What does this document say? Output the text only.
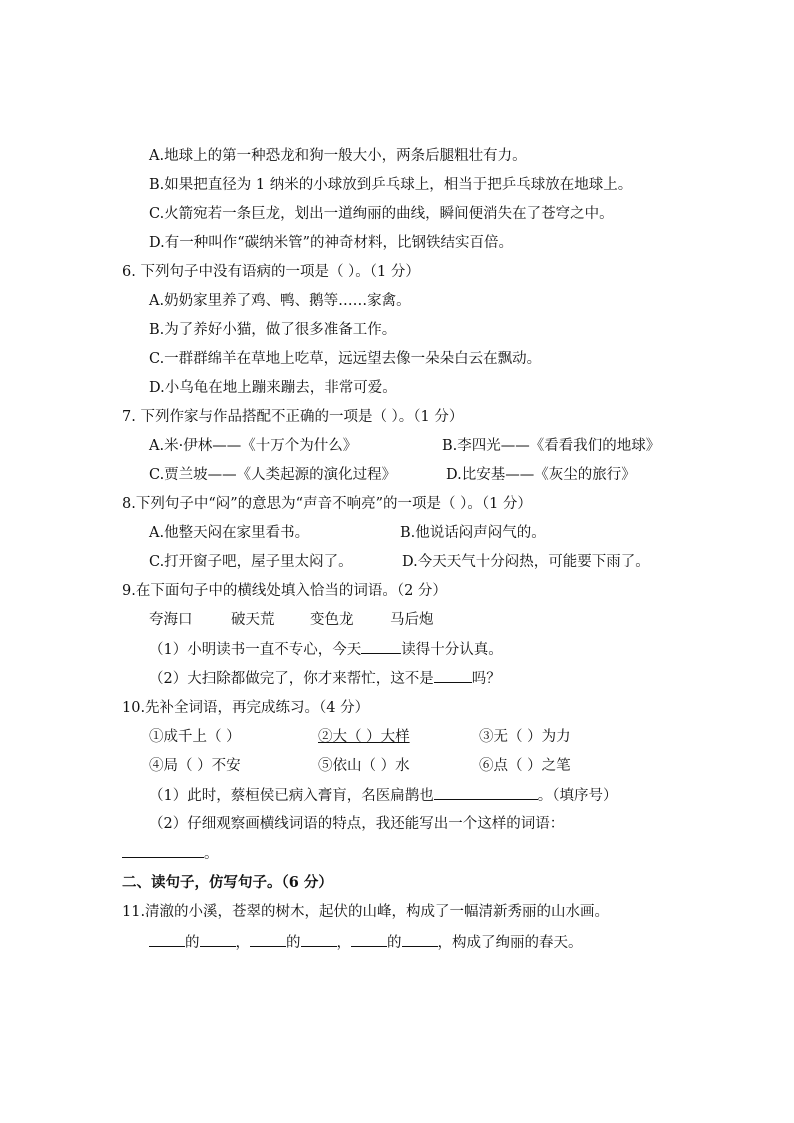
A.地球上的第一种恐龙和狗一般大小，两条后腿粗壮有力。
B.如果把直径为 1 纳米的小球放到乒乓球上，相当于把乒乓球放在地球上。
C.火箭宛若一条巨龙，划出一道绚丽的曲线，瞬间便消失在了苍穹之中。
D.有一种叫作“碳纳米管”的神奇材料，比钢铁结实百倍。
6. 下列句子中没有语病的一项是（ ）。（1 分）
A.奶奶家里养了鸡、鸭、鹅等……家禽。
B.为了养好小猫，做了很多准备工作。
C.一群群绵羊在草地上吃草，远远望去像一朵朵白云在飘动。
D.小乌龟在地上蹦来蹦去，非常可爱。
7. 下列作家与作品搭配不正确的一项是（ ）。（1 分）
A.米·伊林——《十万个为什么》	B.李四光——《看看我们的地球》
C.贾兰坡——《人类起源的演化过程》	D.比安基——《灰尘的旅行》
8.下列句子中“闷”的意思为“声音不响亮”的一项是（ ）。（1 分）
A.他整天闷在家里看书。	B.他说话闷声闷气的。
C.打开窗子吧，屋子里太闷了。	D.今天天气十分闷热，可能要下雨了。
9.在下面句子中的横线处填入恰当的词语。（2 分）
夸海口	破天荒 变色龙	马后炮
（1）小明读书一直不专心，今天	读得十分认真。
（2）大扫除都做完了，你才来帮忙，这不是	吗？
10.先补全词语，再完成练习。（4 分）
①成千上（ ）	②大（ ）大样	③无（ ）为力
④局（ ）不安	⑤依山（ ）水	⑥点（ ）之笔
（1）此时，蔡桓侯已病入膏肓，名医扁鹊也	。（填序号）
（2）仔细观察画横线词语的特点，我还能写出一个这样的词语：
。
二、读句子，仿写句子。（6 分）
11.清澈的小溪，苍翠的树木，起伏的山峰，构成了一幅清新秀丽的山水画。
的 ， 的 ， 的 ，构成了绚丽的春天。
